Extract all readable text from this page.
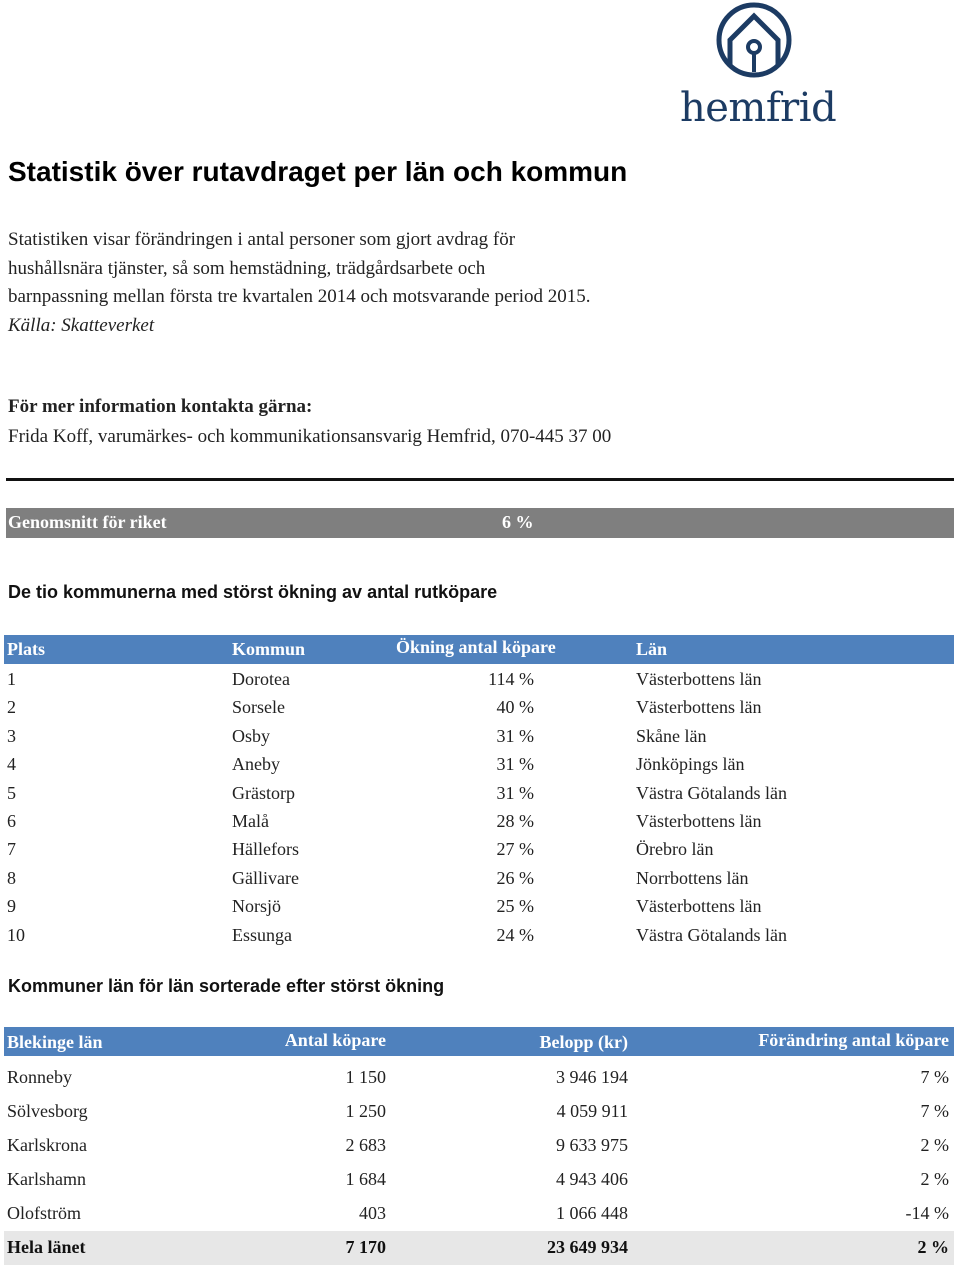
hemfrid
Statistik över rutavdraget per län och kommun
Statistiken visar förändringen i antal personer som gjort avdrag för
hushållsnära tjänster, så som hemstädning, trädgårdsarbete och
barnpassning mellan första tre kvartalen 2014 och motsvarande period 2015.
Källa: Skatteverket
För mer information kontakta gärna:
Frida Koff, varumärkes- och kommunikationsansvarig Hemfrid, 070-445 37 00
Genomsnitt för riket	6 %
De tio kommunerna med störst ökning av antal rutköpare
Plats	Kommun	Ökning antal köpare	Län
1	Dorotea	114 %	Västerbottens län
2	Sorsele	40 %	Västerbottens län
3	Osby	31 %	Skåne län
4	Aneby	31 %	Jönköpings län
5	Grästorp	31 %	Västra Götalands län
6	Malå	28 %	Västerbottens län
7	Hällefors	27 %	Örebro län
8	Gällivare	26 %	Norrbottens län
9	Norsjö	25 %	Västerbottens län
10	Essunga	24 %	Västra Götalands län
Kommuner län för län sorterade efter störst ökning
Blekinge län	Antal köpare	Belopp (kr)	Förändring antal köpare
Ronneby	1 150	3 946 194	7 %
Sölvesborg	1 250	4 059 911	7 %
Karlskrona	2 683	9 633 975	2 %
Karlshamn	1 684	4 943 406	2 %
Olofström	403	1 066 448	-14 %
Hela länet	7 170	23 649 934	2 %
